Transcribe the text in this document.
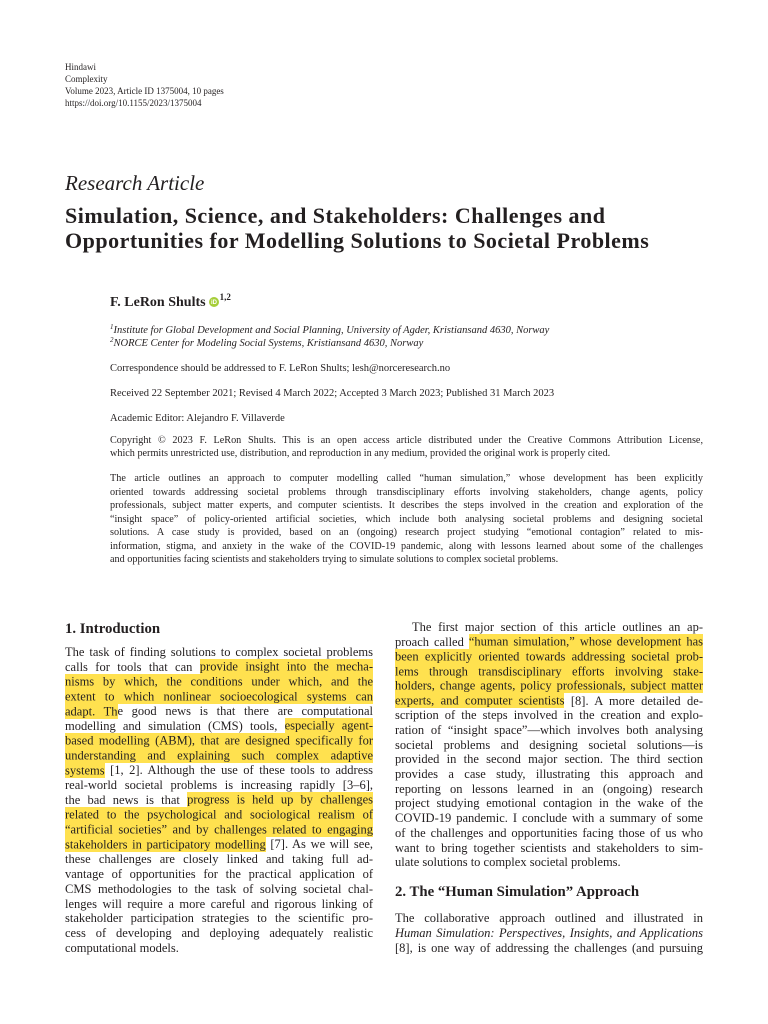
Hindawi
Complexity
Volume 2023, Article ID 1375004, 10 pages
https://doi.org/10.1155/2023/1375004
Research Article
Simulation, Science, and Stakeholders: Challenges and
Opportunities for Modelling Solutions to Societal Problems
F. LeRon Shults iD
$^{1,2}$
$^1$Institute for Global Development and Social Planning, University of Agder, Kristiansand 4630, Norway
$^2$NORCE Center for Modeling Social Systems, Kristiansand 4630, Norway
Correspondence should be addressed to F. LeRon Shults; lesh@norceresearch.no
Received 22 September 2021; Revised 4 March 2022; Accepted 3 March 2023; Published 31 March 2023
Academic Editor: Alejandro F. Villaverde
Copyright © 2023 F. LeRon Shults. This is an open access article distributed under the Creative Commons Attribution License,
which permits unrestricted use, distribution, and reproduction in any medium, provided the original work is properly cited.
The article outlines an approach to computer modelling called “human simulation,” whose development has been explicitly
oriented towards addressing societal problems through transdisciplinary efforts involving stakeholders, change agents, policy
professionals, subject matter experts, and computer scientists. It describes the steps involved in the creation and exploration of the
“insight space” of policy-oriented artificial societies, which include both analysing societal problems and designing societal
solutions. A case study is provided, based on an (ongoing) research project studying “emotional contagion” related to mis-
information, stigma, and anxiety in the wake of the COVID-19 pandemic, along with lessons learned about some of the challenges
and opportunities facing scientists and stakeholders trying to simulate solutions to complex societal problems.
1. Introduction
The task of finding solutions to complex societal problems
calls for tools that can provide insight into the mecha-
nisms by which, the conditions under which, and the
extent to which nonlinear socioecological systems can
adapt. The good news is that there are computational
modelling and simulation (CMS) tools, especially agent-
based modelling (ABM), that are designed specifically for
understanding and explaining such complex adaptive
systems [1, 2]. Although the use of these tools to address
real-world societal problems is increasing rapidly [3–6],
the bad news is that progress is held up by challenges
related to the psychological and sociological realism of
“artificial societies” and by challenges related to engaging
stakeholders in participatory modelling [7]. As we will see,
these challenges are closely linked and taking full ad-
vantage of opportunities for the practical application of
CMS methodologies to the task of solving societal chal-
lenges will require a more careful and rigorous linking of
stakeholder participation strategies to the scientific pro-
cess of developing and deploying adequately realistic
computational models.
The first major section of this article outlines an ap-
proach called “human simulation,” whose development has
been explicitly oriented towards addressing societal prob-
lems through transdisciplinary efforts involving stake-
holders, change agents, policy professionals, subject matter
experts, and computer scientists [8]. A more detailed de-
scription of the steps involved in the creation and explo-
ration of “insight space”—which involves both analysing
societal problems and designing societal solutions—is
provided in the second major section. The third section
provides a case study, illustrating this approach and
reporting on lessons learned in an (ongoing) research
project studying emotional contagion in the wake of the
COVID-19 pandemic. I conclude with a summary of some
of the challenges and opportunities facing those of us who
want to bring together scientists and stakeholders to sim-
ulate solutions to complex societal problems.
2. The “Human Simulation” Approach
The collaborative approach outlined and illustrated in
Human Simulation: Perspectives, Insights, and Applications
[8], is one way of addressing the challenges (and pursuing
